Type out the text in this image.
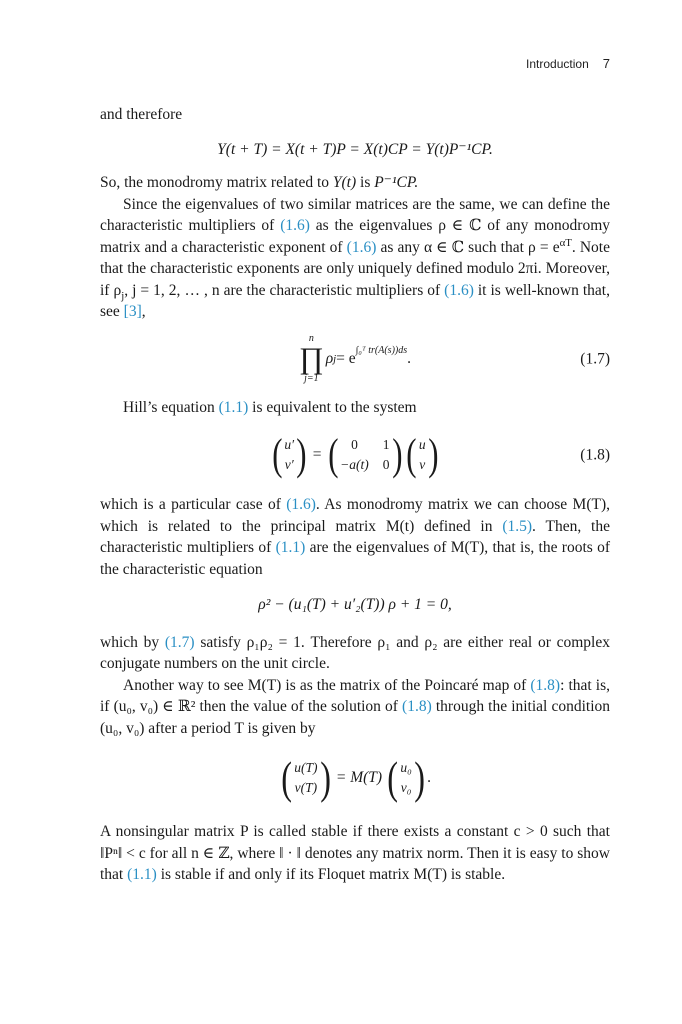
Introduction 7

and therefore

Y(t + T) = X(t + T)P = X(t)CP = Y(t)P⁻¹CP.

So, the monodromy matrix related to Y(t) is P⁻¹CP.

Since the eigenvalues of two similar matrices are the same, we can define the characteristic multipliers of (1.6) as the eigenvalues ρ ∈ ℂ of any monodromy matrix and a characteristic exponent of (1.6) as any α ∈ ℂ such that $\rho = e^{\alpha T}$. Note that the characteristic exponents are only uniquely defined modulo 2πi. Moreover, if $\rho_j$, j = 1, 2, … , n are the characteristic multipliers of (1.6) it is well-known that, see [3],

n
∏
j=1
ρ $j = e^{\int_0ᵀ tr(A(s))ds}$ .	(1.7)

Hill’s equation (1.1) is equivalent to the system

( u′
v′ ) = ( 0	1
−a(t) 0 ) ( u
v )	(1.8)

which is a particular case of (1.6). As monodromy matrix we can choose M(T), which is related to the principal matrix M(t) defined in (1.5). Then, the characteristic multipliers of (1.1) are the eigenvalues of M(T), that is, the roots of the characteristic equation

ρ² − (u₁(T) + u′₂(T)) ρ + 1 = 0,

which by (1.7) satisfy ρ₁ρ₂ = 1. Therefore ρ₁ and ρ₂ are either real or complex conjugate numbers on the unit circle.

Another way to see M(T) is as the matrix of the Poincaré map of (1.8): that is, if (u₀, v₀) ∈ ℝ² then the value of the solution of (1.8) through the initial condition (u₀, v₀) after a period T is given by

( u(T)
v(T) ) = M(T) ( u₀
v₀ ) .

A nonsingular matrix P is called stable if there exists a constant c > 0 such that ‖Pⁿ‖ < c for all n ∈ ℤ, where ‖ · ‖ denotes any matrix norm. Then it is easy to show that (1.1) is stable if and only if its Floquet matrix M(T) is stable.
